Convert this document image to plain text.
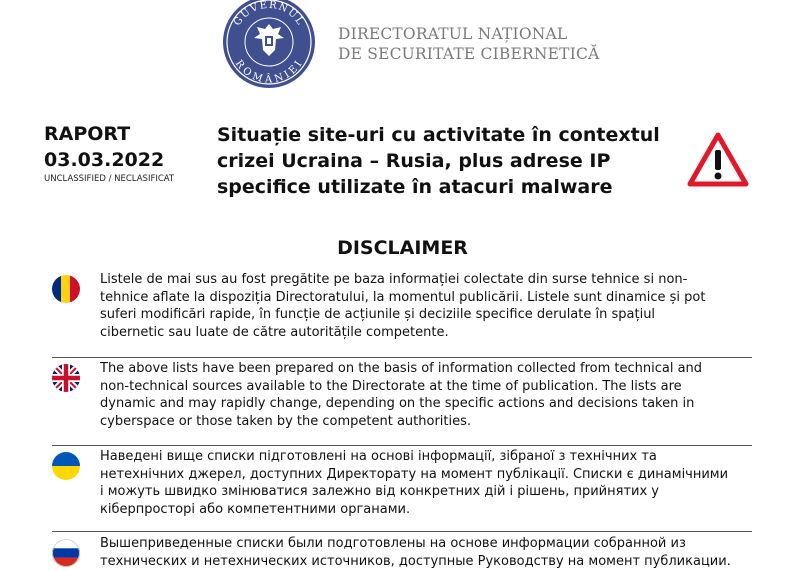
GUVERNUL
ROMÂNIEI
DIRECTORATUL NAȚIONAL
DE SECURITATE CIBERNETICĂ
RAPORT
03.03.2022
UNCLASSIFIED / NECLASIFICAT
Situație site-uri cu activitate în contextul
crizei Ucraina – Rusia, plus adrese IP
specifice utilizate în atacuri malware
DISCLAIMER
Listele de mai sus au fost pregătite pe baza informației colectate din surse tehnice si non-
tehnice aflate la dispoziția Directoratului, la momentul publicării. Listele sunt dinamice și pot
suferi modificări rapide, în funcție de acțiunile și deciziile specifice derulate în spațiul
cibernetic sau luate de către autoritățile competente.
The above lists have been prepared on the basis of information collected from technical and
non-technical sources available to the Directorate at the time of publication. The lists are
dynamic and may rapidly change, depending on the specific actions and decisions taken in
cyberspace or those taken by the competent authorities.
Наведені вище списки підготовлені на основі інформації, зібраної з технічних та
нетехнічних джерел, доступних Директорату на момент публікації. Списки є динамічними
і можуть швидко змінюватися залежно від конкретних дій і рішень, прийнятих у
кіберпросторі або компетентними органами.
Вышеприведенные списки были подготовлены на основе информации собранной из
технических и нетехнических источников, доступные Руководству на момент публикации.
